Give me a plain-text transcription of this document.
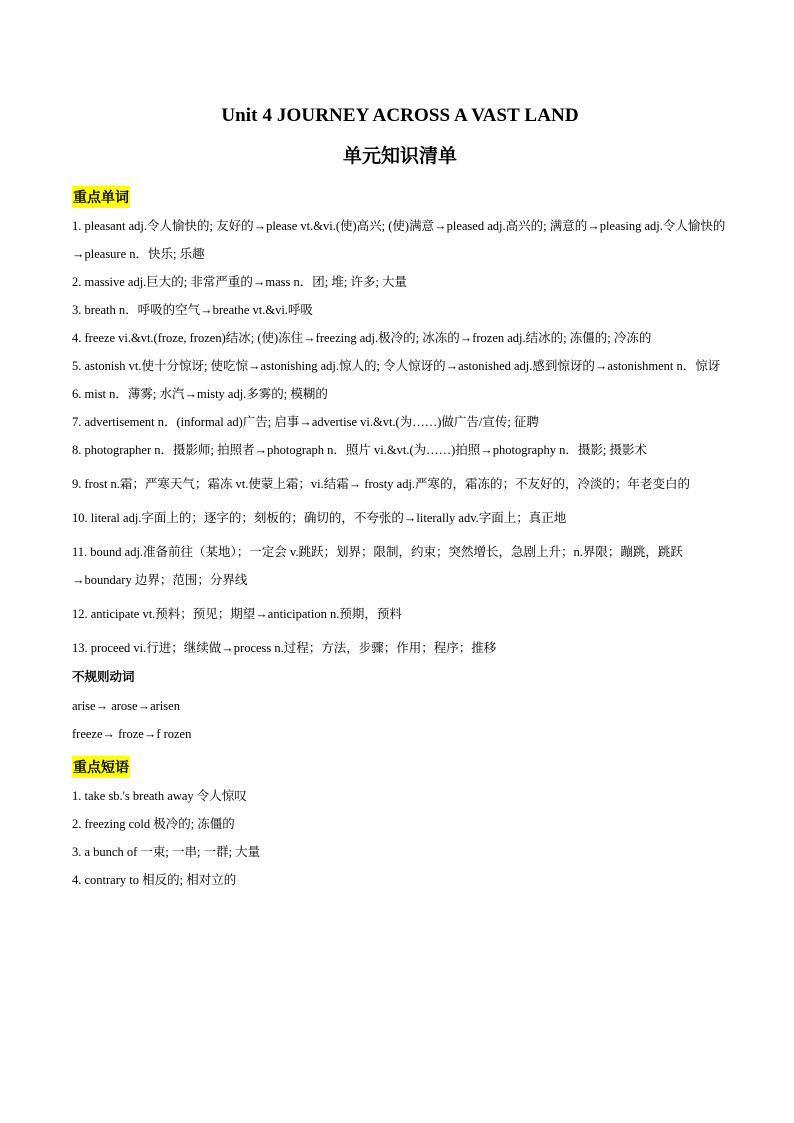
Unit 4 JOURNEY ACROSS A VAST LAND
单元知识清单
重点单词

1. pleasant adj.令人愉快的; 友好的→please vt.&vi.(使)高兴; (使)满意→pleased adj.高兴的; 满意的→pleasing adj.令人愉快的→pleasure n．快乐; 乐趣

2. massive adj.巨大的; 非常严重的→mass n．团; 堆; 许多; 大量

3. breath n．呼吸的空气→breathe vt.&vi.呼吸

4. freeze vi.&vt.(froze, frozen)结冰; (使)冻住→freezing adj.极冷的; 冰冻的→frozen adj.结冰的; 冻僵的; 冷冻的

5. astonish vt.使十分惊讶; 使吃惊→astonishing adj.惊人的; 令人惊讶的→astonished adj.感到惊讶的→astonishment n．惊讶

6. mist n．薄雾; 水汽→misty adj.多雾的; 模糊的

7. advertisement n．(informal ad)广告; 启事→advertise vi.&vt.(为……)做广告/宣传; 征聘

8. photographer n．摄影师; 拍照者→photograph n．照片 vi.&vt.(为……)拍照→photography n．摄影; 摄影术

9. frost n.霜；严寒天气；霜冻 vt.使蒙上霜；vi.结霜→ frosty adj.严寒的，霜冻的；不友好的，冷淡的；年老变白的

10. literal adj.字面上的；逐字的；刻板的；确切的，不夸张的→literally adv.字面上；真正地

11. bound adj.准备前往（某地）；一定会 v.跳跃；划界；限制，约束；突然增长，急剧上升；n.界限；蹦跳，跳跃→boundary 边界；范围；分界线

12. anticipate vt.预料；预见；期望→anticipation n.预期，预料

13. proceed vi.行进；继续做→process n.过程；方法，步骤；作用；程序；推移

不规则动词

arise→ arose→arisen

freeze→ froze→f rozen

重点短语

1. take sb.'s breath away 令人惊叹

2. freezing cold 极冷的; 冻僵的

3. a bunch of 一束; 一串; 一群; 大量

4. contrary to 相反的; 相对立的
